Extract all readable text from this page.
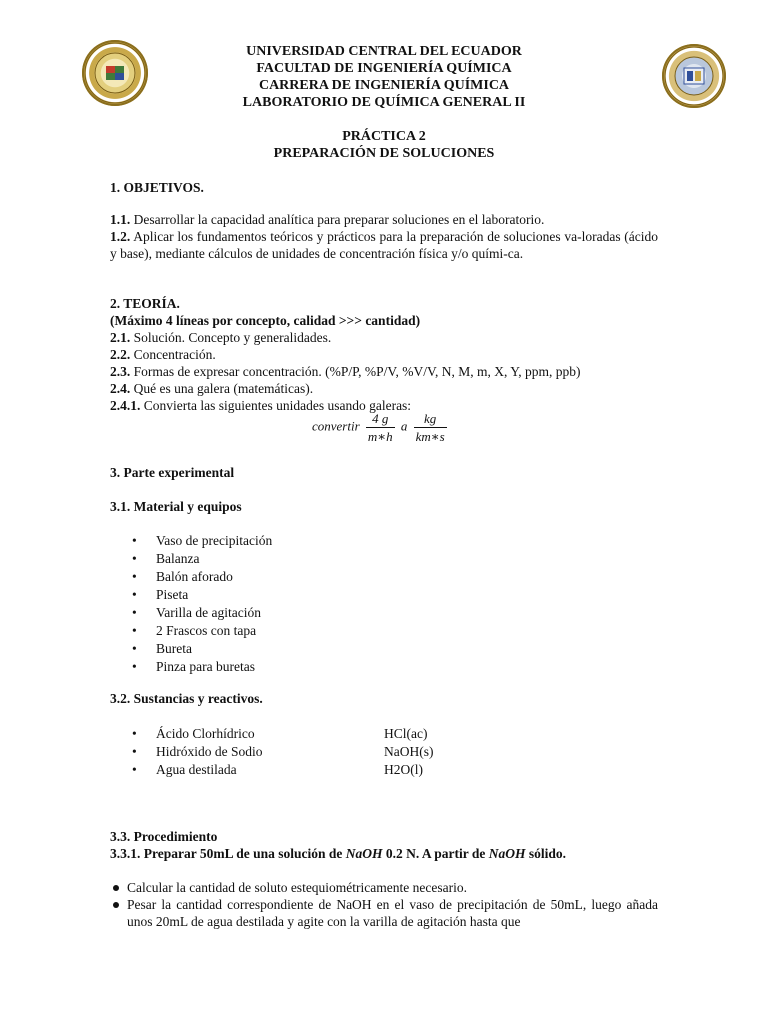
UNIVERSIDAD CENTRAL DEL ECUADOR
FACULTAD DE INGENIERÍA QUÍMICA
CARRERA DE INGENIERÍA QUÍMICA
LABORATORIO DE QUÍMICA GENERAL II
PRÁCTICA 2
PREPARACIÓN DE SOLUCIONES
1. OBJETIVOS.
1.1. Desarrollar la capacidad analítica para preparar soluciones en el laboratorio.
1.2. Aplicar los fundamentos teóricos y prácticos para la preparación de soluciones va-loradas (ácido y base), mediante cálculos de unidades de concentración física y/o quími-ca.
2. TEORÍA.
(Máximo 4 líneas por concepto, calidad >>> cantidad)
2.1. Solución. Concepto y generalidades.
2.2. Concentración.
2.3. Formas de expresar concentración. (%P/P, %P/V, %V/V, N, M, m, X, Y, ppm, ppb)
2.4. Qué es una galera (matemáticas).
2.4.1. Convierta las siguientes unidades usando galeras:
convertir $\frac{4 g}{m∗h}$ a $\frac{kg}{km∗s}$
3. Parte experimental
3.1. Material y equipos
• Vaso de precipitación
• Balanza
• Balón aforado
• Piseta
• Varilla de agitación
• 2 Frascos con tapa
• Bureta
• Pinza para buretas
3.2. Sustancias y reactivos.
• Ácido Clorhídrico
• Hidróxido de Sodio
• Agua destilada
HCl(ac)
NaOH(s)
H2O(l)
3.3. Procedimiento
3.3.1. Preparar 50mL de una solución de NaOH 0.2 N. A partir de NaOH sólido.
Calcular la cantidad de soluto estequiométricamente necesario.
Pesar la cantidad correspondiente de NaOH en el vaso de precipitación de 50mL, luego añada unos 20mL de agua destilada y agite con la varilla de agitación hasta que
